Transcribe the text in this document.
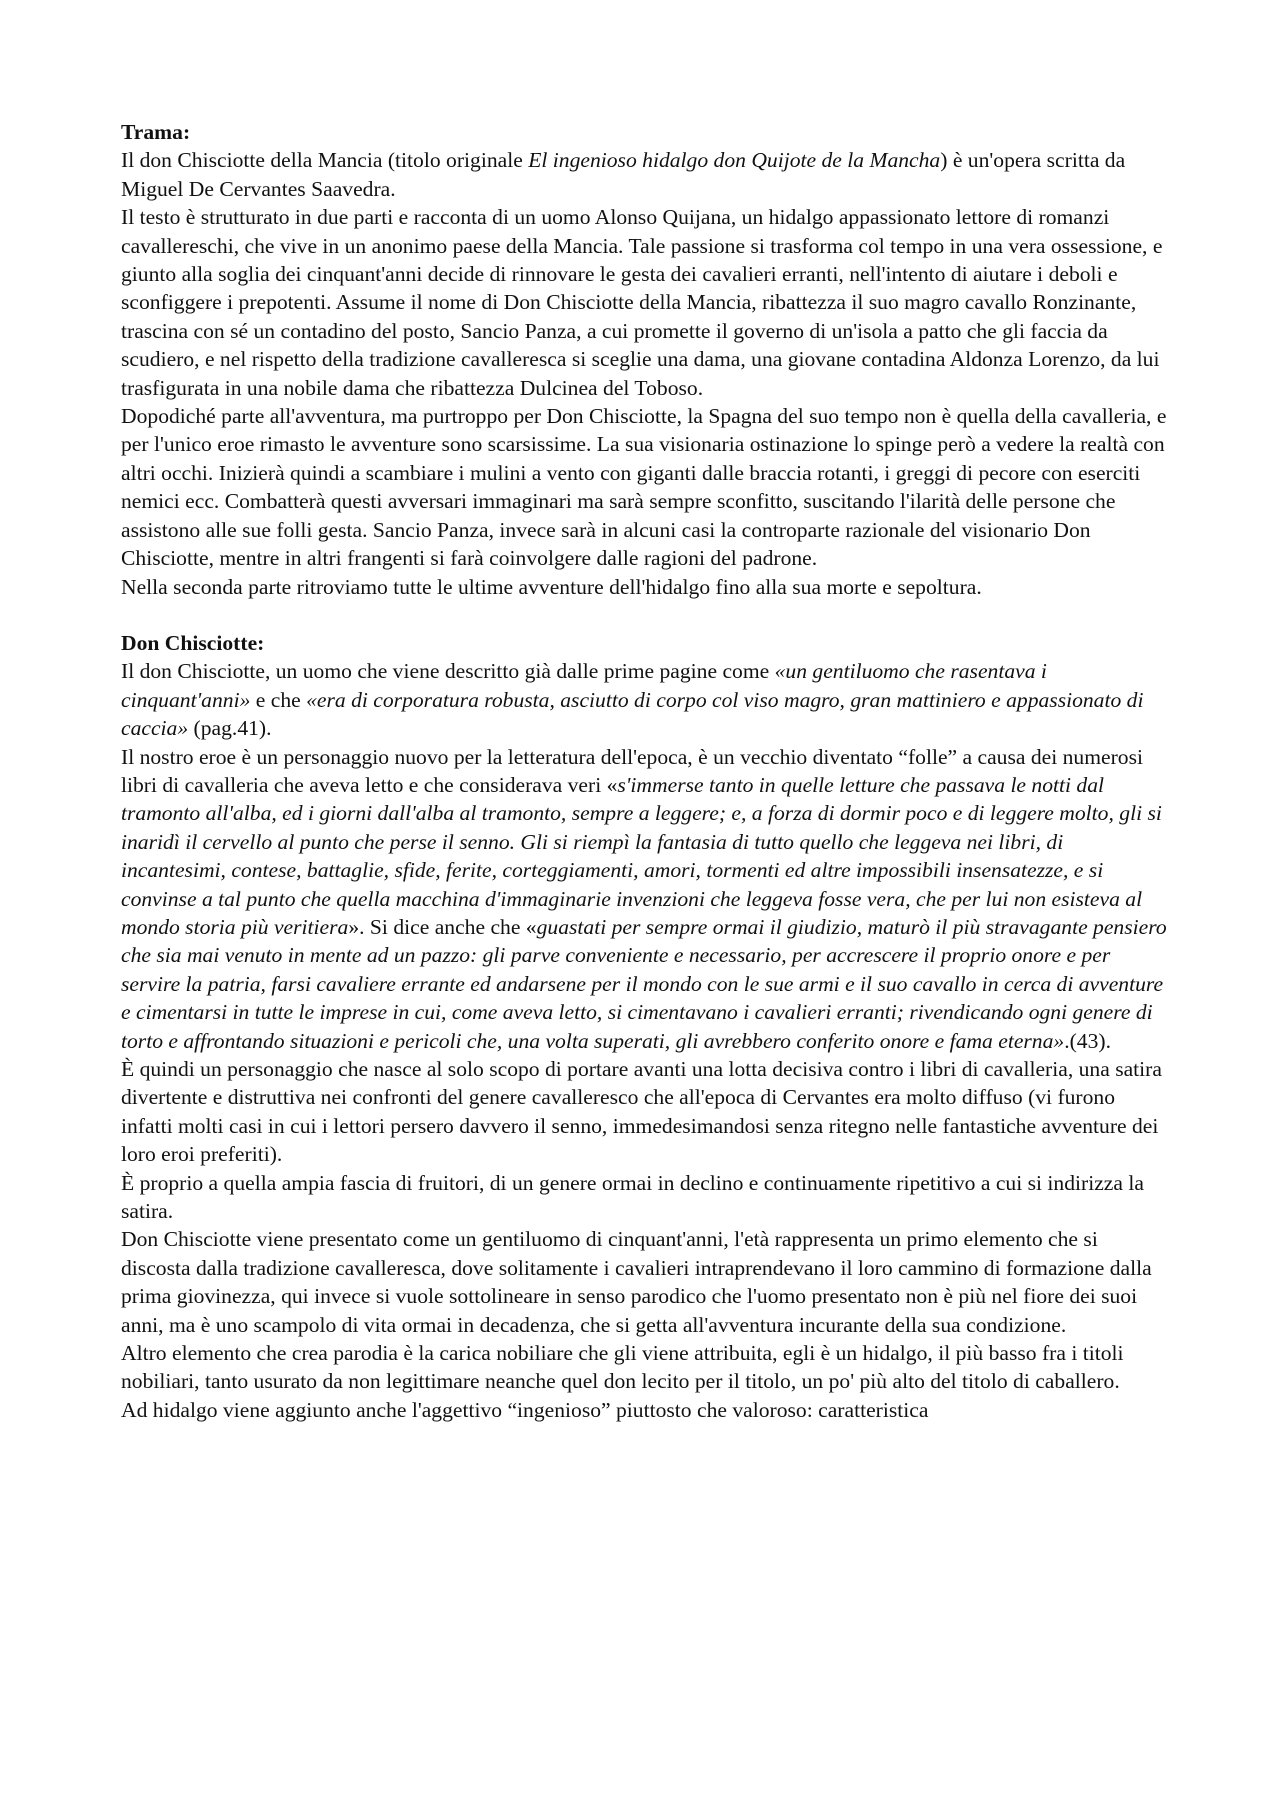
Trama:

Il don Chisciotte della Mancia (titolo originale El ingenioso hidalgo don Quijote de la Mancha) è un'opera scritta da Miguel De Cervantes Saavedra.

Il testo è strutturato in due parti e racconta di un uomo Alonso Quijana, un hidalgo appassionato lettore di romanzi cavallereschi, che vive in un anonimo paese della Mancia. Tale passione si trasforma col tempo in una vera ossessione, e giunto alla soglia dei cinquant'anni decide di rinnovare le gesta dei cavalieri erranti, nell'intento di aiutare i deboli e sconfiggere i prepotenti. Assume il nome di Don Chisciotte della Mancia, ribattezza il suo magro cavallo Ronzinante, trascina con sé un contadino del posto, Sancio Panza, a cui promette il governo di un'isola a patto che gli faccia da scudiero, e nel rispetto della tradizione cavalleresca si sceglie una dama, una giovane contadina Aldonza Lorenzo, da lui trasfigurata in una nobile dama che ribattezza Dulcinea del Toboso.

Dopodiché parte all'avventura, ma purtroppo per Don Chisciotte, la Spagna del suo tempo non è quella della cavalleria, e per l'unico eroe rimasto le avventure sono scarsissime. La sua visionaria ostinazione lo spinge però a vedere la realtà con altri occhi. Inizierà quindi a scambiare i mulini a vento con giganti dalle braccia rotanti, i greggi di pecore con eserciti nemici ecc. Combatterà questi avversari immaginari ma sarà sempre sconfitto, suscitando l'ilarità delle persone che assistono alle sue folli gesta. Sancio Panza, invece sarà in alcuni casi la controparte razionale del visionario Don Chisciotte, mentre in altri frangenti si farà coinvolgere dalle ragioni del padrone.

Nella seconda parte ritroviamo tutte le ultime avventure dell'hidalgo fino alla sua morte e sepoltura.

Don Chisciotte:

Il don Chisciotte, un uomo che viene descritto già dalle prime pagine come «un gentiluomo che rasentava i cinquant'anni» e che «era di corporatura robusta, asciutto di corpo col viso magro, gran mattiniero e appassionato di caccia» (pag.41).

Il nostro eroe è un personaggio nuovo per la letteratura dell'epoca, è un vecchio diventato “folle” a causa dei numerosi libri di cavalleria che aveva letto e che considerava veri «s'immerse tanto in quelle letture che passava le notti dal tramonto all'alba, ed i giorni dall'alba al tramonto, sempre a leggere; e, a forza di dormir poco e di leggere molto, gli si inaridì il cervello al punto che perse il senno. Gli si riempì la fantasia di tutto quello che leggeva nei libri, di incantesimi, contese, battaglie, sfide, ferite, corteggiamenti, amori, tormenti ed altre impossibili insensatezze, e si convinse a tal punto che quella macchina d'immaginarie invenzioni che leggeva fosse vera, che per lui non esisteva al mondo storia più veritiera». Si dice anche che «guastati per sempre ormai il giudizio, maturò il più stravagante pensiero che sia mai venuto in mente ad un pazzo: gli parve conveniente e necessario, per accrescere il proprio onore e per servire la patria, farsi cavaliere errante ed andarsene per il mondo con le sue armi e il suo cavallo in cerca di avventure e cimentarsi in tutte le imprese in cui, come aveva letto, si cimentavano i cavalieri erranti; rivendicando ogni genere di torto e affrontando situazioni e pericoli che, una volta superati, gli avrebbero conferito onore e fama eterna».(43).

È quindi un personaggio che nasce al solo scopo di portare avanti una lotta decisiva contro i libri di cavalleria, una satira divertente e distruttiva nei confronti del genere cavalleresco che all'epoca di Cervantes era molto diffuso (vi furono infatti molti casi in cui i lettori persero davvero il senno, immedesimandosi senza ritegno nelle fantastiche avventure dei loro eroi preferiti).

È proprio a quella ampia fascia di fruitori, di un genere ormai in declino e continuamente ripetitivo a cui si indirizza la satira.

Don Chisciotte viene presentato come un gentiluomo di cinquant'anni, l'età rappresenta un primo elemento che si discosta dalla tradizione cavalleresca, dove solitamente i cavalieri intraprendevano il loro cammino di formazione dalla prima giovinezza, qui invece si vuole sottolineare in senso parodico che l'uomo presentato non è più nel fiore dei suoi anni, ma è uno scampolo di vita ormai in decadenza, che si getta all'avventura incurante della sua condizione.

Altro elemento che crea parodia è la carica nobiliare che gli viene attribuita, egli è un hidalgo, il più basso fra i titoli nobiliari, tanto usurato da non legittimare neanche quel don lecito per il titolo, un po' più alto del titolo di caballero.

Ad hidalgo viene aggiunto anche l'aggettivo “ingenioso” piuttosto che valoroso: caratteristica
